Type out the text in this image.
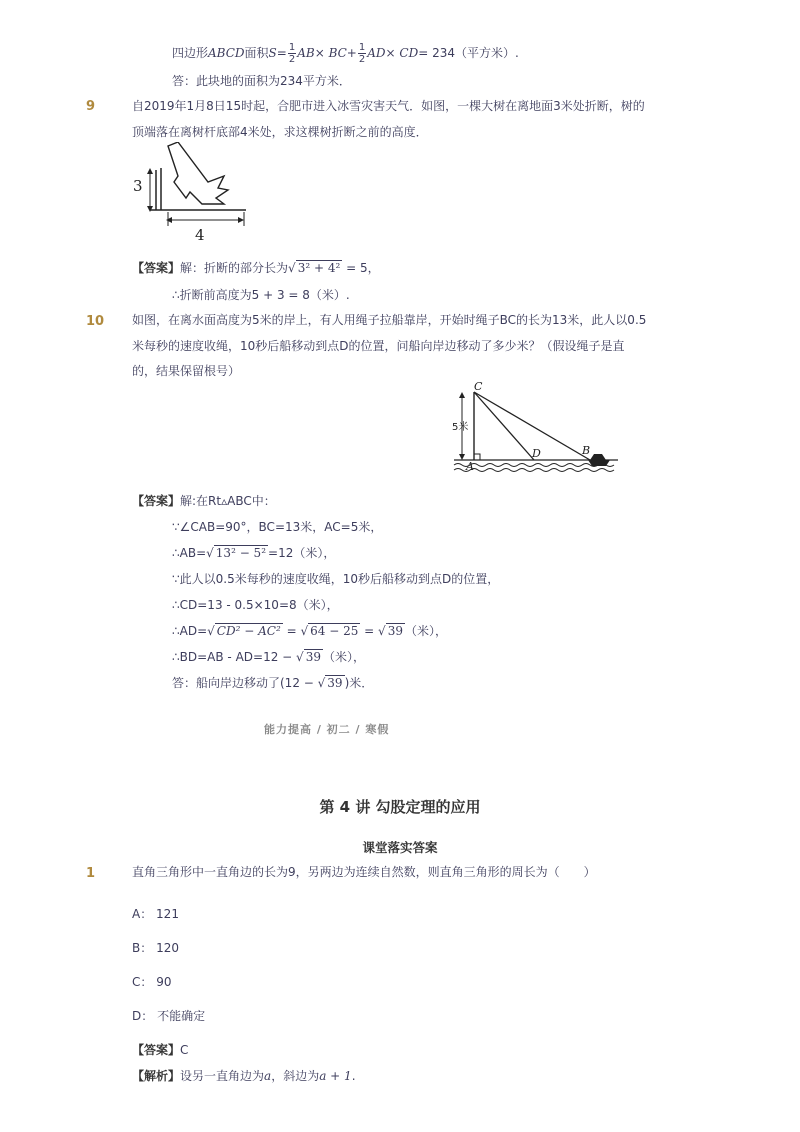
四边形ABCD面积$S= \frac{1}{2} AB\times BC+ \frac{1}{2} AD\times CD= 234$（平方米）.
答：此块地的面积为234平方米．
9	自2019年1月8日15时起，合肥市进入冰雪灾害天气．如图，一棵大树在离地面3米处折断，树的
顶端落在离树杆底部4米处，求这棵树折断之前的高度．
3
4
【答案】解：折断的部分长为√ 3² + 4² = 5，
∴折断前高度为5 + 3 = 8（米）.
10 如图，在离水面高度为5米的岸上，有人用绳子拉船靠岸，开始时绳子BC的长为13米，此人以0.5
米每秒的速度收绳，10秒后船移动到点D的位置，问船向岸边移动了多少米？（假设绳子是直
的，结果保留根号）
C
5米
D	B
A
【答案】解:在Rt▵ABC中：
∵∠CAB=90°，BC=13米，AC=5米，
∴AB=√ 13² − 5² =12（米），
∵此人以0.5米每秒的速度收绳，10秒后船移动到点D的位置，
∴CD=13 - 0.5×10=8（米），
∴AD=√ CD² − AC² = √ 64 − 25 = √ 39 （米），
∴BD=AB - AD=12 − √ 39 （米），
答：船向岸边移动了(12 − √ 39 )米．
能力提高 / 初二 / 寒假
第 4 讲 勾股定理的应用
课堂落实答案
1	直角三角形中一直角边的长为9，另两边为连续自然数，则直角三角形的周长为（　　）
A： 121
B： 120
C： 90
D： 不能确定
【答案】C
【解析】设另一直角边为a，斜边为a + 1.
